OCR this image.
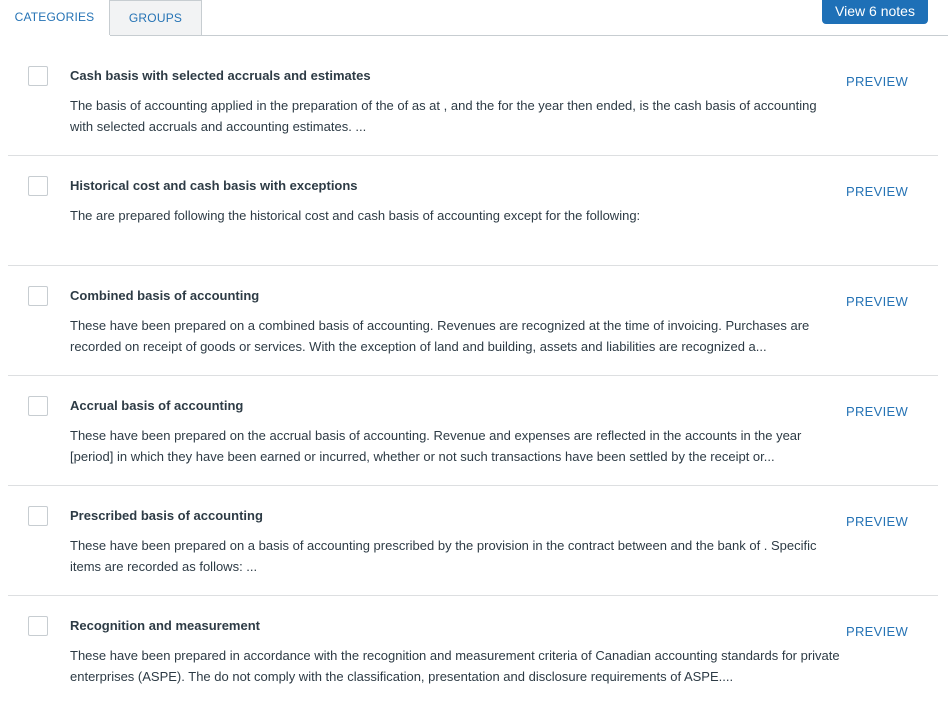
CATEGORIES	GROUPS	View 6 notes
Cash basis with selected accruals and estimates
The basis of accounting applied in the preparation of the of as at , and the for the year then ended, is the cash basis of accounting with selected accruals and accounting estimates. ...
PREVIEW
Historical cost and cash basis with exceptions
The are prepared following the historical cost and cash basis of accounting except for the following:
PREVIEW
Combined basis of accounting
These have been prepared on a combined basis of accounting. Revenues are recognized at the time of invoicing. Purchases are recorded on receipt of goods or services. With the exception of land and building, assets and liabilities are recognized a...
PREVIEW
Accrual basis of accounting
These have been prepared on the accrual basis of accounting. Revenue and expenses are reflected in the accounts in the year [period] in which they have been earned or incurred, whether or not such transactions have been settled by the receipt or...
PREVIEW
Prescribed basis of accounting
These have been prepared on a basis of accounting prescribed by the provision in the contract between and the bank of . Specific items are recorded as follows: ...
PREVIEW
Recognition and measurement
These have been prepared in accordance with the recognition and measurement criteria of Canadian accounting standards for private enterprises (ASPE). The do not comply with the classification, presentation and disclosure requirements of ASPE....
PREVIEW
